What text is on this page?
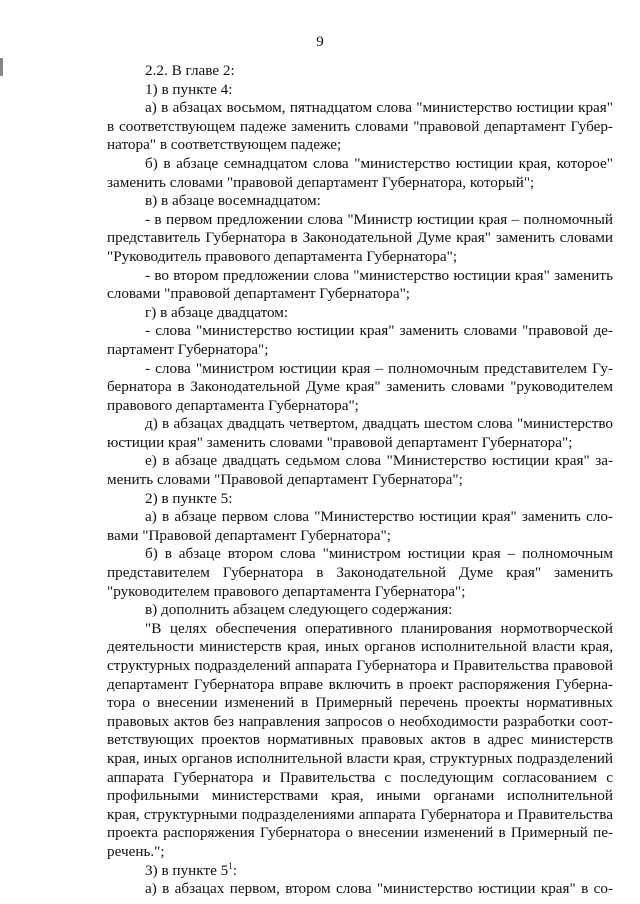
9
2.2. В главе 2:
1) в пункте 4:
а) в абзацах восьмом, пятнадцатом слова "министерство юстиции края"
в соответствующем падеже заменить словами "правовой департамент Губер-
натора" в соответствующем падеже;
б) в абзаце семнадцатом слова "министерство юстиции края, которое"
заменить словами "правовой департамент Губернатора, который";
в) в абзаце восемнадцатом:
- в первом предложении слова "Министр юстиции края – полномочный
представитель Губернатора в Законодательной Думе края" заменить словами
"Руководитель правового департамента Губернатора";
- во втором предложении слова "министерство юстиции края" заменить
словами "правовой департамент Губернатора";
г) в абзаце двадцатом:
- слова "министерство юстиции края" заменить словами "правовой де-
партамент Губернатора";
- слова "министром юстиции края – полномочным представителем Гу-
бернатора в Законодательной Думе края" заменить словами "руководителем
правового департамента Губернатора";
д) в абзацах двадцать четвертом, двадцать шестом слова "министерство
юстиции края" заменить словами "правовой департамент Губернатора";
е) в абзаце двадцать седьмом слова "Министерство юстиции края" за-
менить словами "Правовой департамент Губернатора";
2) в пункте 5:
а) в абзаце первом слова "Министерство юстиции края" заменить сло-
вами "Правовой департамент Губернатора";
б) в абзаце втором слова "министром юстиции края – полномочным
представителем Губернатора в Законодательной Думе края" заменить
"руководителем правового департамента Губернатора";
в) дополнить абзацем следующего содержания:
"В целях обеспечения оперативного планирования нормотворческой
деятельности министерств края, иных органов исполнительной власти края,
структурных подразделений аппарата Губернатора и Правительства правовой
департамент Губернатора вправе включить в проект распоряжения Губерна-
тора о внесении изменений в Примерный перечень проекты нормативных
правовых актов без направления запросов о необходимости разработки соот-
ветствующих проектов нормативных правовых актов в адрес министерств
края, иных органов исполнительной власти края, структурных подразделений
аппарата Губернатора и Правительства с последующим согласованием с
профильными министерствами края, иными органами исполнительной
края, структурными подразделениями аппарата Губернатора и Правительства
проекта распоряжения Губернатора о внесении изменений в Примерный пе-
речень.";
3) в пункте $5^1$:
а) в абзацах первом, втором слова "министерство юстиции края" в со-
